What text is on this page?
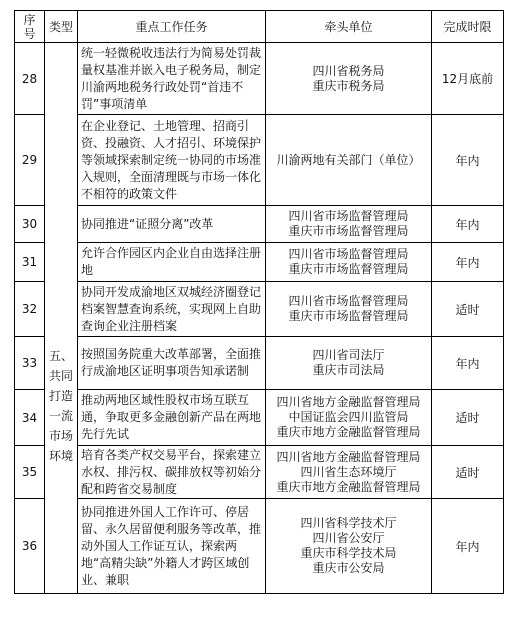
序号	类型	重点工作任务	牵头单位	完成时限
28	五、共同打造一流市场环境	统一轻微税收违法行为简易处罚裁量权基准并嵌入电子税务局，制定川渝两地税务行政处罚“首违不罚”事项清单	四川省税务局
重庆市税务局	12月底前
29		在企业登记、土地管理、招商引资、投融资、人才招引、环境保护等领域探索制定统一协同的市场准入规则，全面清理既与市场一体化不相符的政策文件	川渝两地有关部门（单位）	年内
30		协同推进“证照分离”改革	四川省市场监督管理局
重庆市市场监督管理局	年内
31		允许合作园区内企业自由选择注册地	四川省市场监督管理局
重庆市市场监督管理局	年内
32		协同开发成渝地区双城经济圈登记档案智慧查询系统，实现网上自助查询企业注册档案	四川省市场监督管理局
重庆市市场监督管理局	适时
33		按照国务院重大改革部署，全面推行成渝地区证明事项告知承诺制	四川省司法厅
重庆市司法局	年内
34		推动两地区域性股权市场互联互通，争取更多金融创新产品在两地先行先试	四川省地方金融监督管理局
中国证监会四川监管局
重庆市地方金融监督管理局	适时
35		培育各类产权交易平台，探索建立水权、排污权、碳排放权等初始分配和跨省交易制度	四川省地方金融监督管理局
四川省生态环境厅
重庆市地方金融监督管理局	适时
36		协同推进外国人工作许可、停居留、永久居留便利服务等改革，推动外国人工作证互认，探索两地“高精尖缺”外籍人才跨区域创业、兼职	四川省科学技术厅
四川省公安厅
重庆市科学技术局
重庆市公安局	年内
